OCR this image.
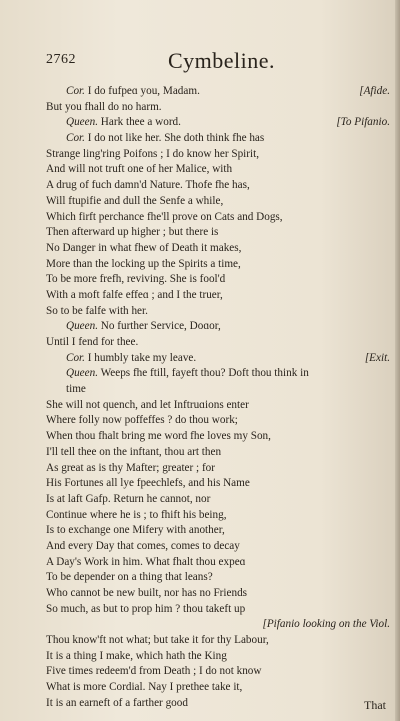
2762	Cymbeline.
Cor. I do fufpeɑ you, Madam.	[Afide.
But you fhall do no harm.
Queen. Hark thee a word.	[To Pifanio.
Cor. I do not like her. She doth think fhe has
Strange ling'ring Poifons ; I do know her Spirit,
And will not truft one of her Malice, with
A drug of fuch damn'd Nature. Thofe fhe has,
Will ftupifie and dull the Senfe a while,
Which firft perchance fhe'll prove on Cats and Dogs,
Then afterward up higher ; but there is
No Danger in what fhew of Death it makes,
More than the locking up the Spirits a time,
To be more frefh, reviving. She is fool'd
With a moft falfe effeɑ ; and I the truer,
So to be falfe with her.
Queen. No further Service, Doɑor,
Until I fend for thee.
Cor. I humbly take my leave.	[Exit.
Queen. Weeps fhe ftill, fayeft thou? Doft thou think in
time
She will not quench, and let Inftruɑions enter
Where folly now poffeffes ? do thou work;
When thou fhalt bring me word fhe loves my Son,
I'll tell thee on the inftant, thou art then
As great as is thy Mafter; greater ; for
His Fortunes all lye fpeechlefs, and his Name
Is at laft Gafp. Return he cannot, nor
Continue where he is ; to fhift his being,
Is to exchange one Mifery with another,
And every Day that comes, comes to decay
A Day's Work in him. What fhalt thou expeɑ
To be depender on a thing that leans?
Who cannot be new built, nor has no Friends
So much, as but to prop him ? thou takeft up
[Pifanio looking on the Viol.
Thou know'ft not what; but take it for thy Labour,
It is a thing I make, which hath the King
Five times redeem'd from Death ; I do not know
What is more Cordial. Nay I prethee take it,
It is an earneft of a farther good	That
